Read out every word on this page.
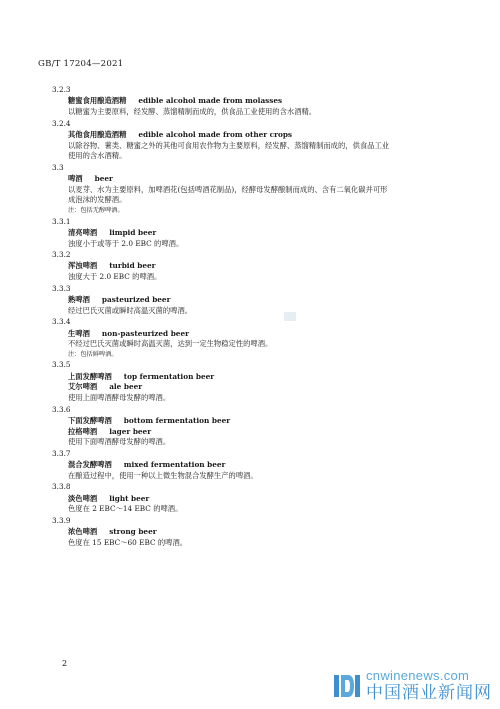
GB/T 17204—2021
3.2.3
糖蜜食用酿造酒精 edible alcohol made from molasses
以糖蜜为主要原料，经发酵、蒸馏精制而成的，供食品工业使用的含水酒精。
3.2.4
其他食用酿造酒精 edible alcohol made from other crops
以除谷物、薯类、糖蜜之外的其他可食用农作物为主要原料，经发酵、蒸馏精制而成的，供食品工业
使用的含水酒精。
3.3
啤酒 beer
以麦芽、水为主要原料，加啤酒花(包括啤酒花制品)，经酵母发酵酿制而成的、含有二氧化碳并可形
成泡沫的发酵酒。
注：包括无醇啤酒。
3.3.1
清亮啤酒 limpid beer
浊度小于或等于 2.0 EBC 的啤酒。
3.3.2
浑浊啤酒 turbid beer
浊度大于 2.0 EBC 的啤酒。
3.3.3
熟啤酒 pasteurized beer
经过巴氏灭菌或瞬时高温灭菌的啤酒。
3.3.4
生啤酒 non-pasteurized beer
不经过巴氏灭菌或瞬时高温灭菌，达到一定生物稳定性的啤酒。
注：包括鲜啤酒。
3.3.5
上面发酵啤酒 top fermentation beer
艾尔啤酒 ale beer
使用上面啤酒酵母发酵的啤酒。
3.3.6
下面发酵啤酒 bottom fermentation beer
拉格啤酒 lager beer
使用下面啤酒酵母发酵的啤酒。
3.3.7
混合发酵啤酒 mixed fermentation beer
在酿造过程中，使用一种以上微生物混合发酵生产的啤酒。
3.3.8
淡色啤酒 light beer
色度在 2 EBC～14 EBC 的啤酒。
3.3.9
浓色啤酒 strong beer
色度在 15 EBC～60 EBC 的啤酒。
2
cnwinenews.com
中国酒业新闻网
